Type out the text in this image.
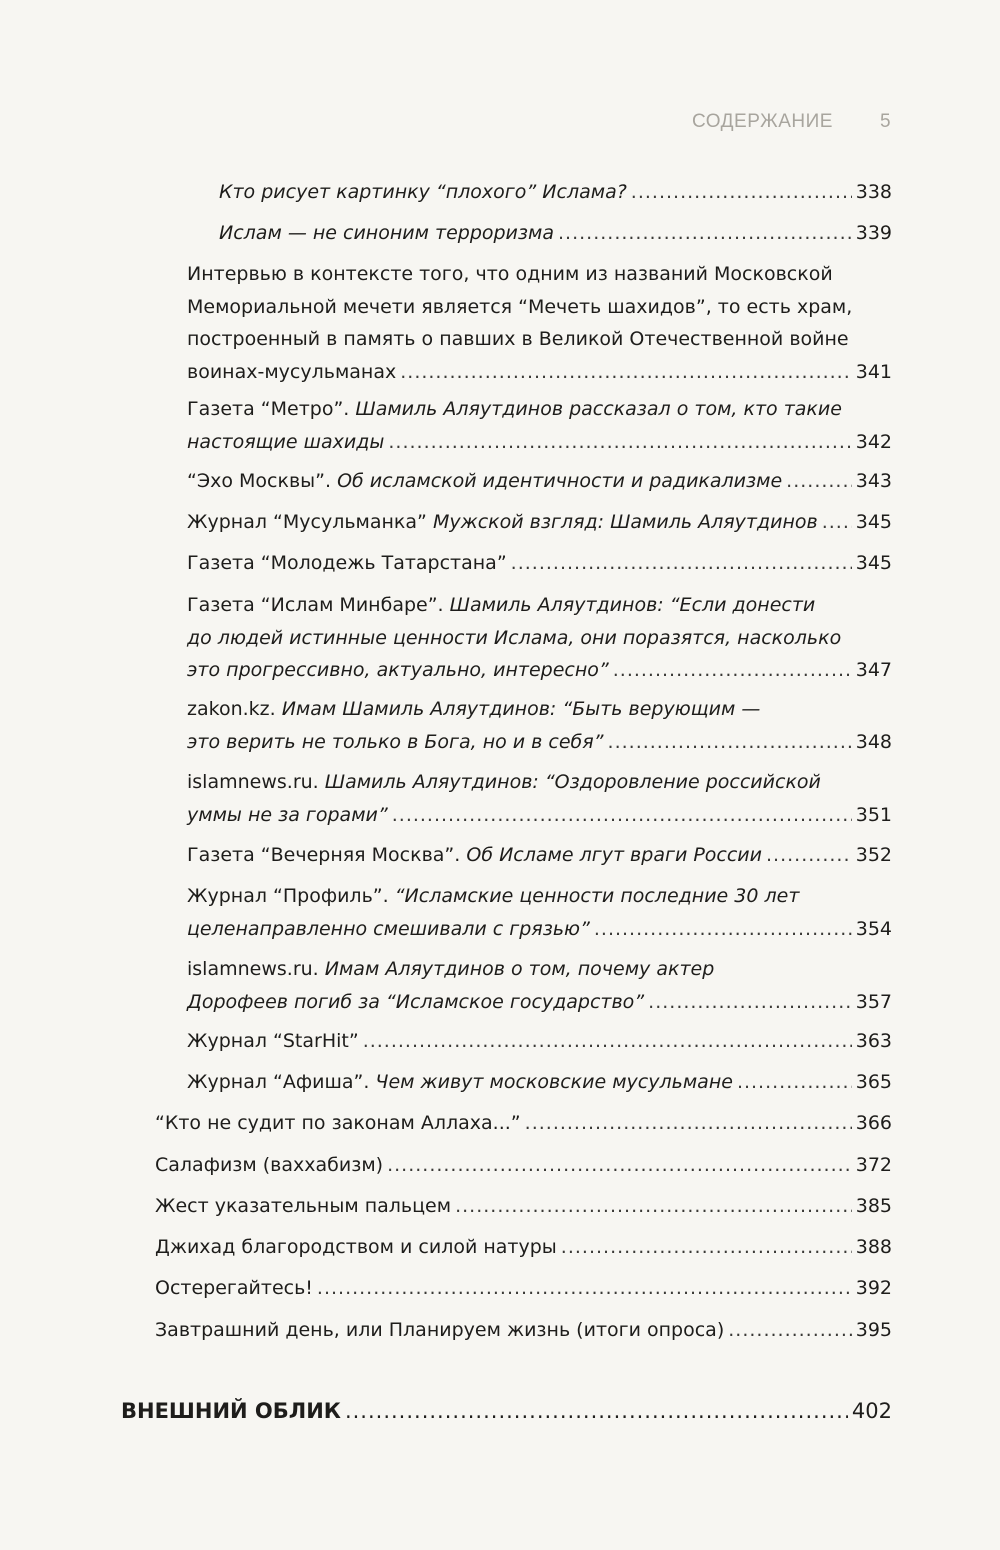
СОДЕРЖАНИЕ 5
Кто рисует картинку “плохого” Ислама? .....	338
Ислам — не синоним терроризма .....	339
Интервью в контексте того, что одним из названий Московской
Мемориальной мечети является “Мечеть шахидов”, то есть храм,
построенный в память о павших в Великой Отечественной войне
воинах-мусульманах .....	341
Газета “Метро”. Шамиль Аляутдинов рассказал о том, кто такие
настоящие шахиды .....	342
“Эхо Москвы”.
Об исламской идентичности и радикализме .....	343
Журнал “Мусульманка”
Мужской взгляд: Шамиль Аляутдинов ..... 345
Газета “Молодежь Татарстана” .....	345
Газета “Ислам Минбаре”. Шамиль Аляутдинов: “Если донести
до людей истинные ценности Ислама, они поразятся, насколько
это прогрессивно, актуально, интересно” .....	347
zakon.kz. Имам Шамиль Аляутдинов: “Быть верующим —
это верить не только в Бога, но и в себя” .....	348
islamnews.ru. Шамиль Аляутдинов: “Оздоровление российской
уммы не за горами” .....	351
Газета “Вечерняя Москва”.
Об Исламе лгут враги России .....	352
Журнал “Профиль”. “Исламские ценности последние 30 лет
целенаправленно смешивали с грязью” .....	354
islamnews.ru. Имам Аляутдинов о том, почему актер
Дорофеев погиб за “Исламское государство” .....	357
Журнал “StarHit” .....	363
Журнал “Афиша”.
Чем живут московские мусульмане .....	365
“Кто не судит по законам Аллаха...” .....	366
Салафизм (ваххабизм) .....	372
Жест указательным пальцем .....	385
Джихад благородством и силой натуры .....	388
Остерегайтесь! .....	392
Завтрашний день, или Планируем жизнь (итоги опроса) .....	395
ВНЕШНИЙ ОБЛИК .....	402
